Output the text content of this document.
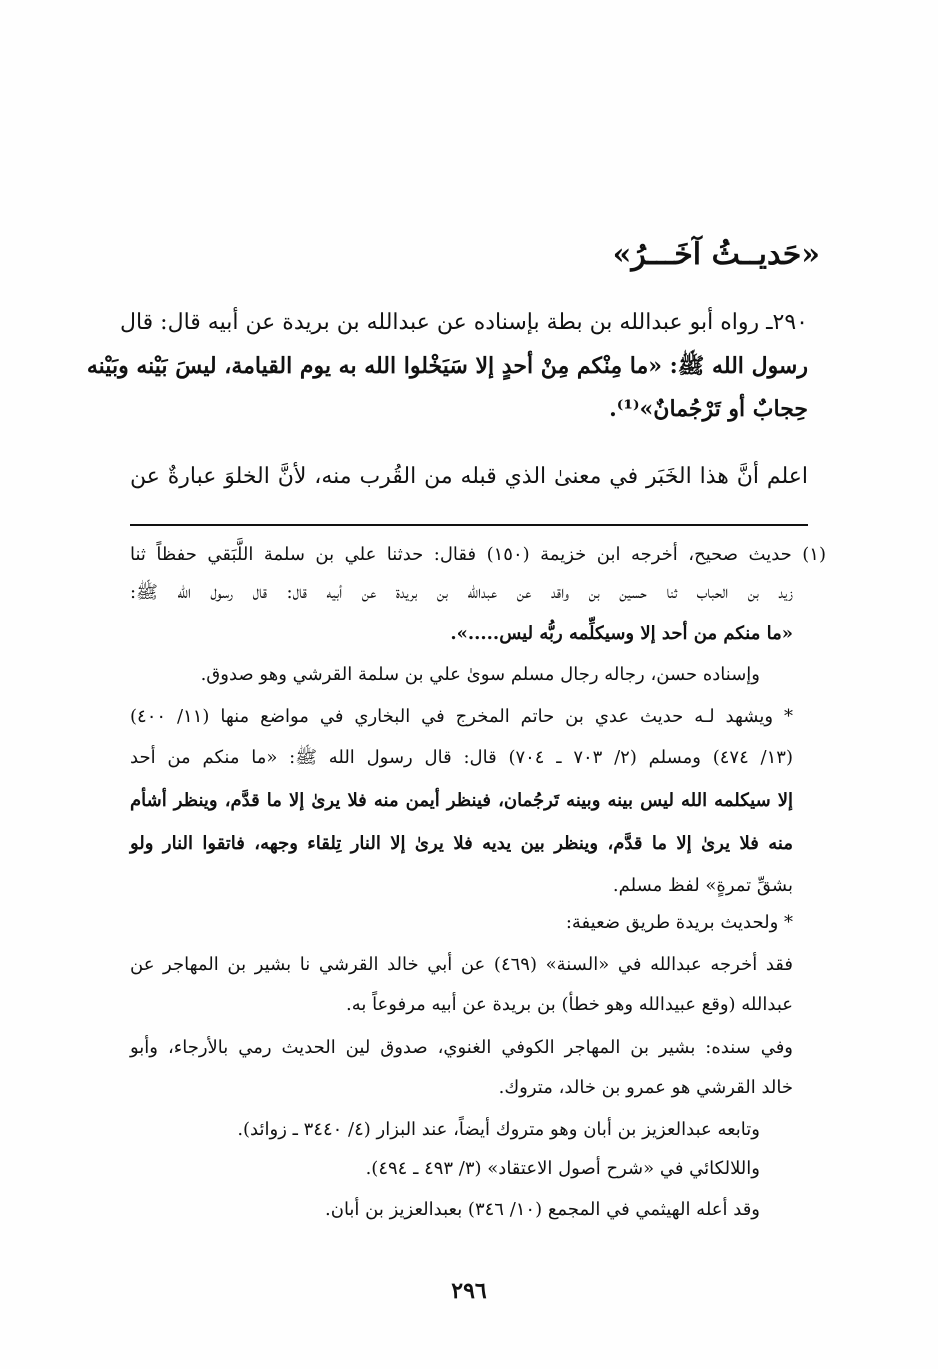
«حَديــثُ آخَـــرُ»
٢٩٠ـ رواه أبو عبدالله بن بطة بإسناده عن عبدالله بن بريدة عن أبيه قال: قال
رسول الله ﷺ: «ما مِنْكم مِنْ أحدٍ إلا سَيَخْلوا الله به يوم القيامة، ليسَ بَيْنه وبَيْنه
حِجابٌ أو تَرْجُمانٌ»⁽¹⁾.
اعلم أنَّ هذا الخَبَر في معنىٰ الذي قبله من القُرب منه، لأنَّ الخلوَ عبارةٌ عن
(١) حديث صحيح، أخرجه ابن خزيمة (١٥٠) فقال: حدثنا علي بن سلمة اللَّبَقي حفظاً ثنا
زيد بن الحباب ثنا حسين بن واقد عن عبدالله بن بريدة عن أبيه قال: قال رسول الله ﷺ:
«ما منكم من أحد إلا وسيكلِّمه ربُّه ليس.....».
وإسناده حسن، رجاله رجال مسلم سوىٰ علي بن سلمة القرشي وهو صدوق.
* ويشهد لـه حديث عدي بن حاتم المخرج في البخاري في مواضع منها (١١/ ٤٠٠)
(١٣/ ٤٧٤) ومسلم (٢/ ٧٠٣ ـ ٧٠٤) قال: قال رسول الله ﷺ: «ما منكم من أحد
إلا سيكلمه الله ليس بينه وبينه تَرجُمان، فينظر أيمن منه فلا يرىٰ إلا ما قدَّم، وينظر أشأم
منه فلا يرىٰ إلا ما قدَّم، وينظر بين يديه فلا يرىٰ إلا النار تِلقاء وجهه، فاتقوا النار ولو
بشقِّ تمرةٍ» لفظ مسلم.
* ولحديث بريدة طريق ضعيفة:
فقد أخرجه عبدالله في «السنة» (٤٦٩) عن أبي خالد القرشي نا بشير بن المهاجر عن
عبدالله (وقع عبيدالله وهو خطأ) بن بريدة عن أبيه مرفوعاً به.
وفي سنده: بشير بن المهاجر الكوفي الغنوي، صدوق لين الحديث رمي بالأرجاء، وأبو
خالد القرشي هو عمرو بن خالد، متروك.
وتابعه عبدالعزيز بن أبان وهو متروك أيضاً، عند البزار (٤/ ٣٤٤٠ ـ زوائد).
واللالكائي في «شرح أصول الاعتقاد» (٣/ ٤٩٣ ـ ٤٩٤).
وقد أعله الهيثمي في المجمع (١٠/ ٣٤٦) بعبدالعزيز بن أبان.
٢٩٦
